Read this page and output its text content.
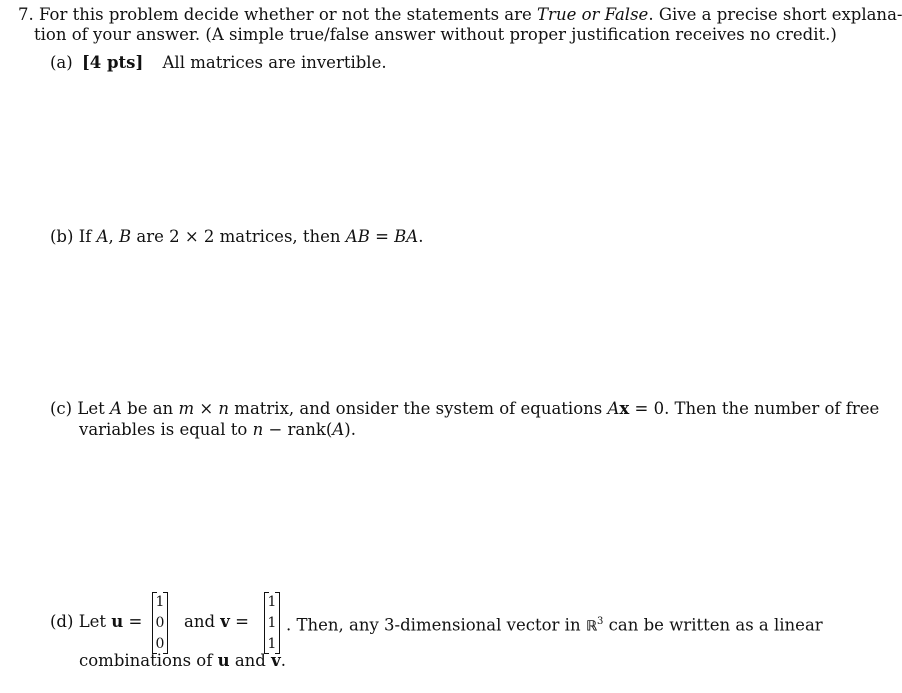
7. For this problem decide whether or not the statements are True or False. Give a precise short explana-
tion of your answer. (A simple true/false answer without proper justification receives no credit.)
(a) [4 pts] All matrices are invertible.
(b) If A, B are 2 × 2 matrices, then AB = BA.
(c) Let A be an m × n matrix, and onsider the system of equations Ax = 0. Then the number of free
variables is equal to n − rank(A).
(d) Let u =
1
0
0
and v =
1
1
1
. Then, any 3-dimensional vector in ℝ$^3$ can be written as a linear
combinations of u and v.
